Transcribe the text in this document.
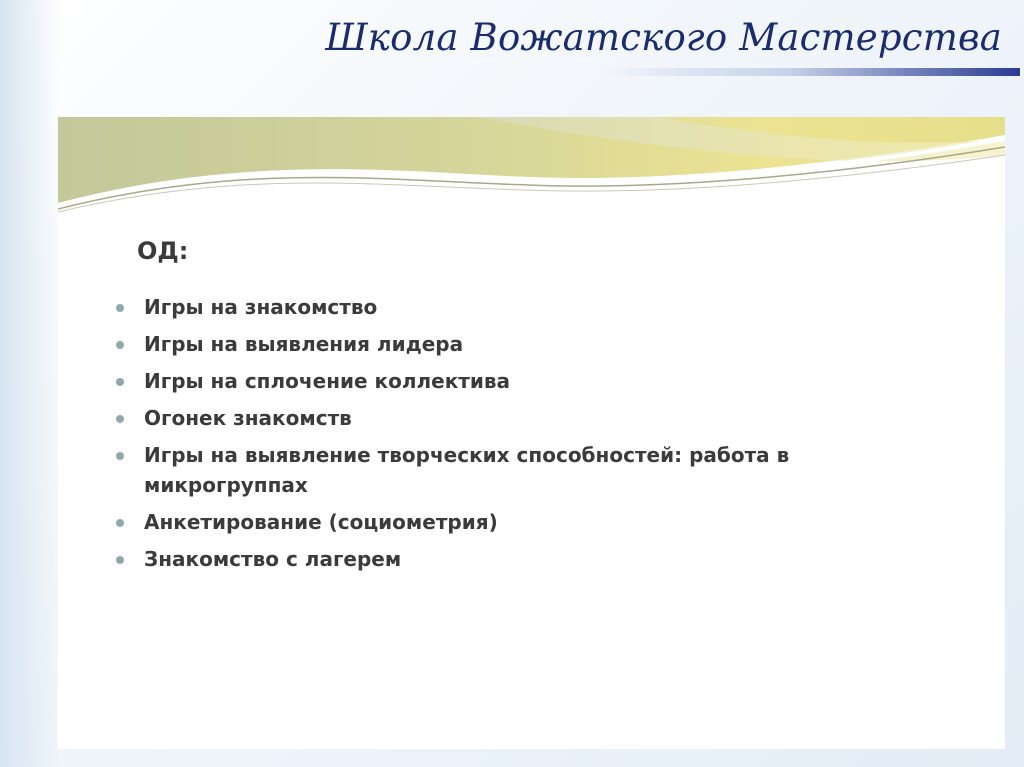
Школа Вожатского Мастерства
ОД:
Игры на знакомство
Игры на выявления лидера
Игры на сплочение коллектива
Огонек знакомств
Игры на выявление творческих способностей: работа в микрогруппах
Анкетирование (социометрия)
Знакомство с лагерем
